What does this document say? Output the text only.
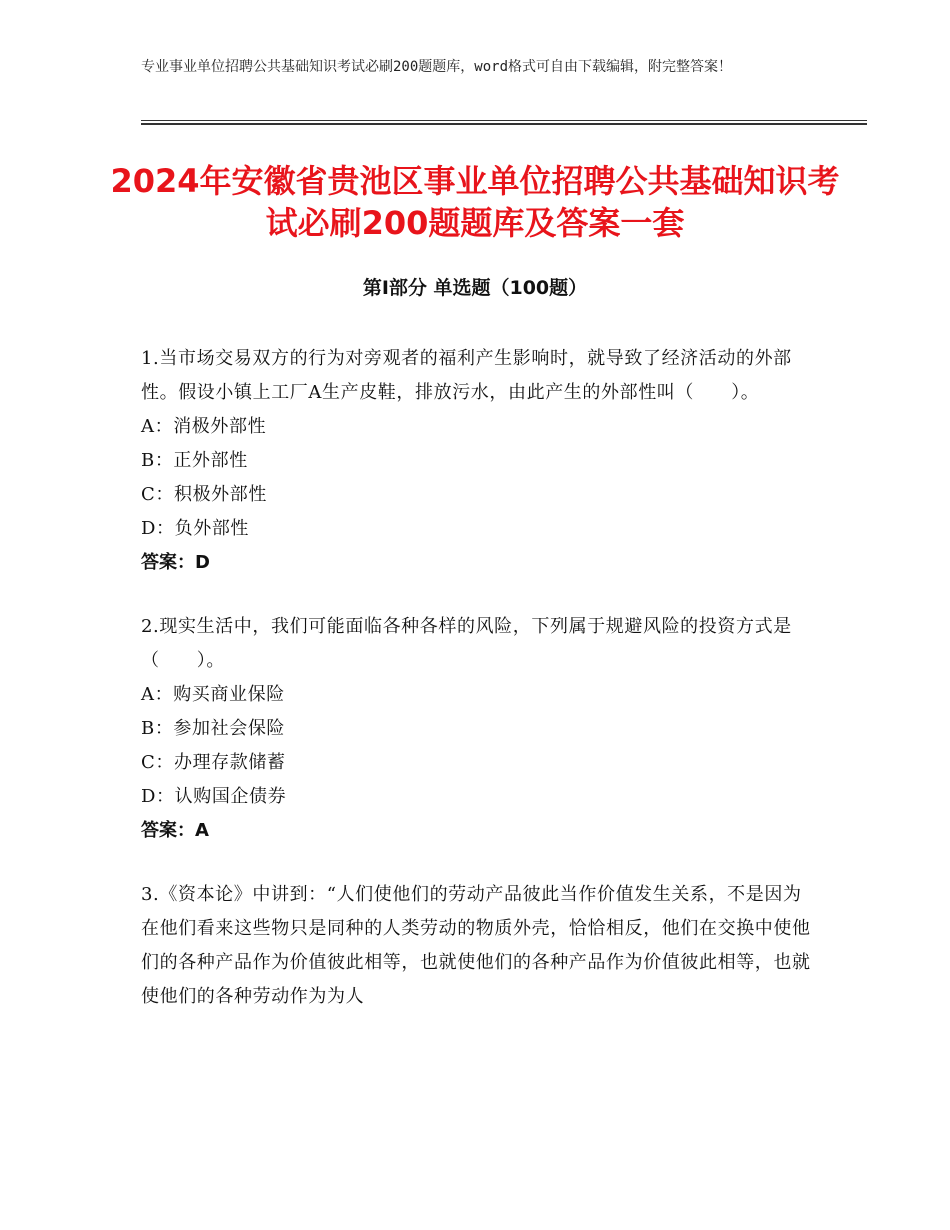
专业事业单位招聘公共基础知识考试必刷200题题库，word格式可自由下载编辑，附完整答案！
2024年安徽省贵池区事业单位招聘公共基础知识考试必刷200题题库及答案一套
第Ⅰ部分 单选题（100题）

1.当市场交易双方的行为对旁观者的福利产生影响时，就导致了经济活动的外部性。假设小镇上工厂A生产皮鞋，排放污水，由此产生的外部性叫（　　）。

A：消极外部性

B：正外部性

C：积极外部性

D：负外部性

答案：D

2.现实生活中，我们可能面临各种各样的风险，下列属于规避风险的投资方式是（　　）。

A：购买商业保险

B：参加社会保险

C：办理存款储蓄

D：认购国企债券

答案：A

3.《资本论》中讲到：“人们使他们的劳动产品彼此当作价值发生关系，不是因为在他们看来这些物只是同种的人类劳动的物质外壳，恰恰相反，他们在交换中使他们的各种产品作为价值彼此相等，也就使他们的各种产品作为价值彼此相等，也就使他们的各种劳动作为为人
